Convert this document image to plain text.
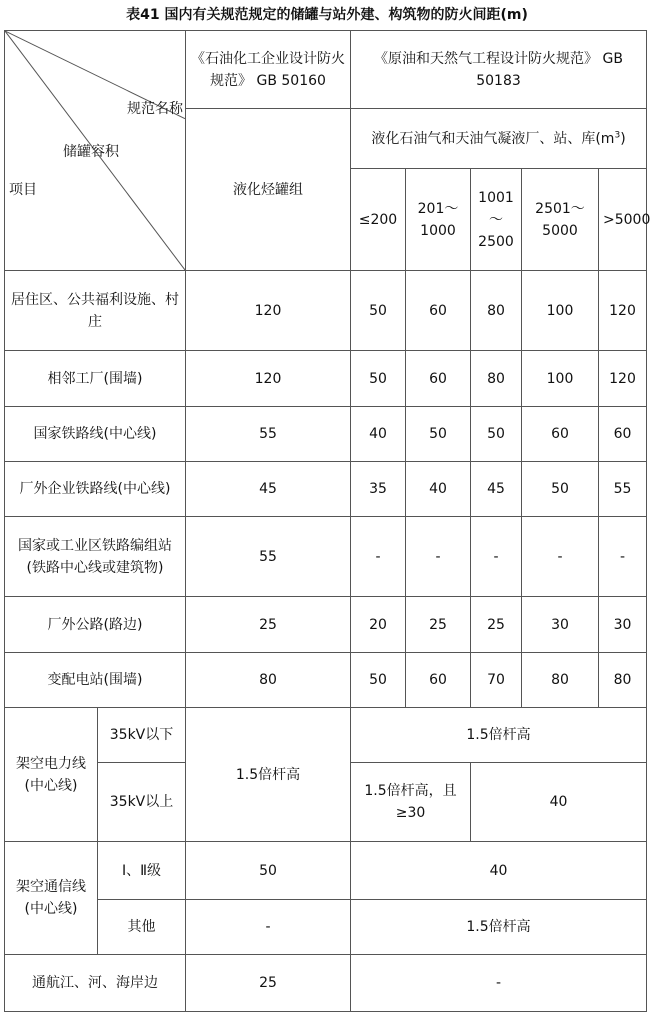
表41 国内有关规范规定的储罐与站外建、构筑物的防火间距(m)
规范名称
储罐容积
项目		《石油化工企业设计防火规范》 GB 50160	《原油和天然气工程设计防火规范》 GB 50183				
		液化烃罐组	液化石油气和天油气凝液厂、站、库$(m^3)$				
			≤200	201～1000	1001～2500	2501～5000	>5000
居住区、公共福利设施、村庄		120	50	60	80	100	120
相邻工厂(围墙)		120	50	60	80	100	120
国家铁路线(中心线)		55	40	50	50	60	60
厂外企业铁路线(中心线)		45	35	40	45	50	55
国家或工业区铁路编组站(铁路中心线或建筑物)		55	-	-	-	-	-
厂外公路(路边)		25	20	25	25	30	30
变配电站(围墙)		80	50	60	70	80	80
架空电力线(中心线)	35kV以下	1.5倍杆高	1.5倍杆高				
	35kV以上		1.5倍杆高，且≥30		40		
架空通信线(中心线)	Ⅰ、Ⅱ级	50	40				
	其他	-	1.5倍杆高				
通航江、河、海岸边		25	-				
